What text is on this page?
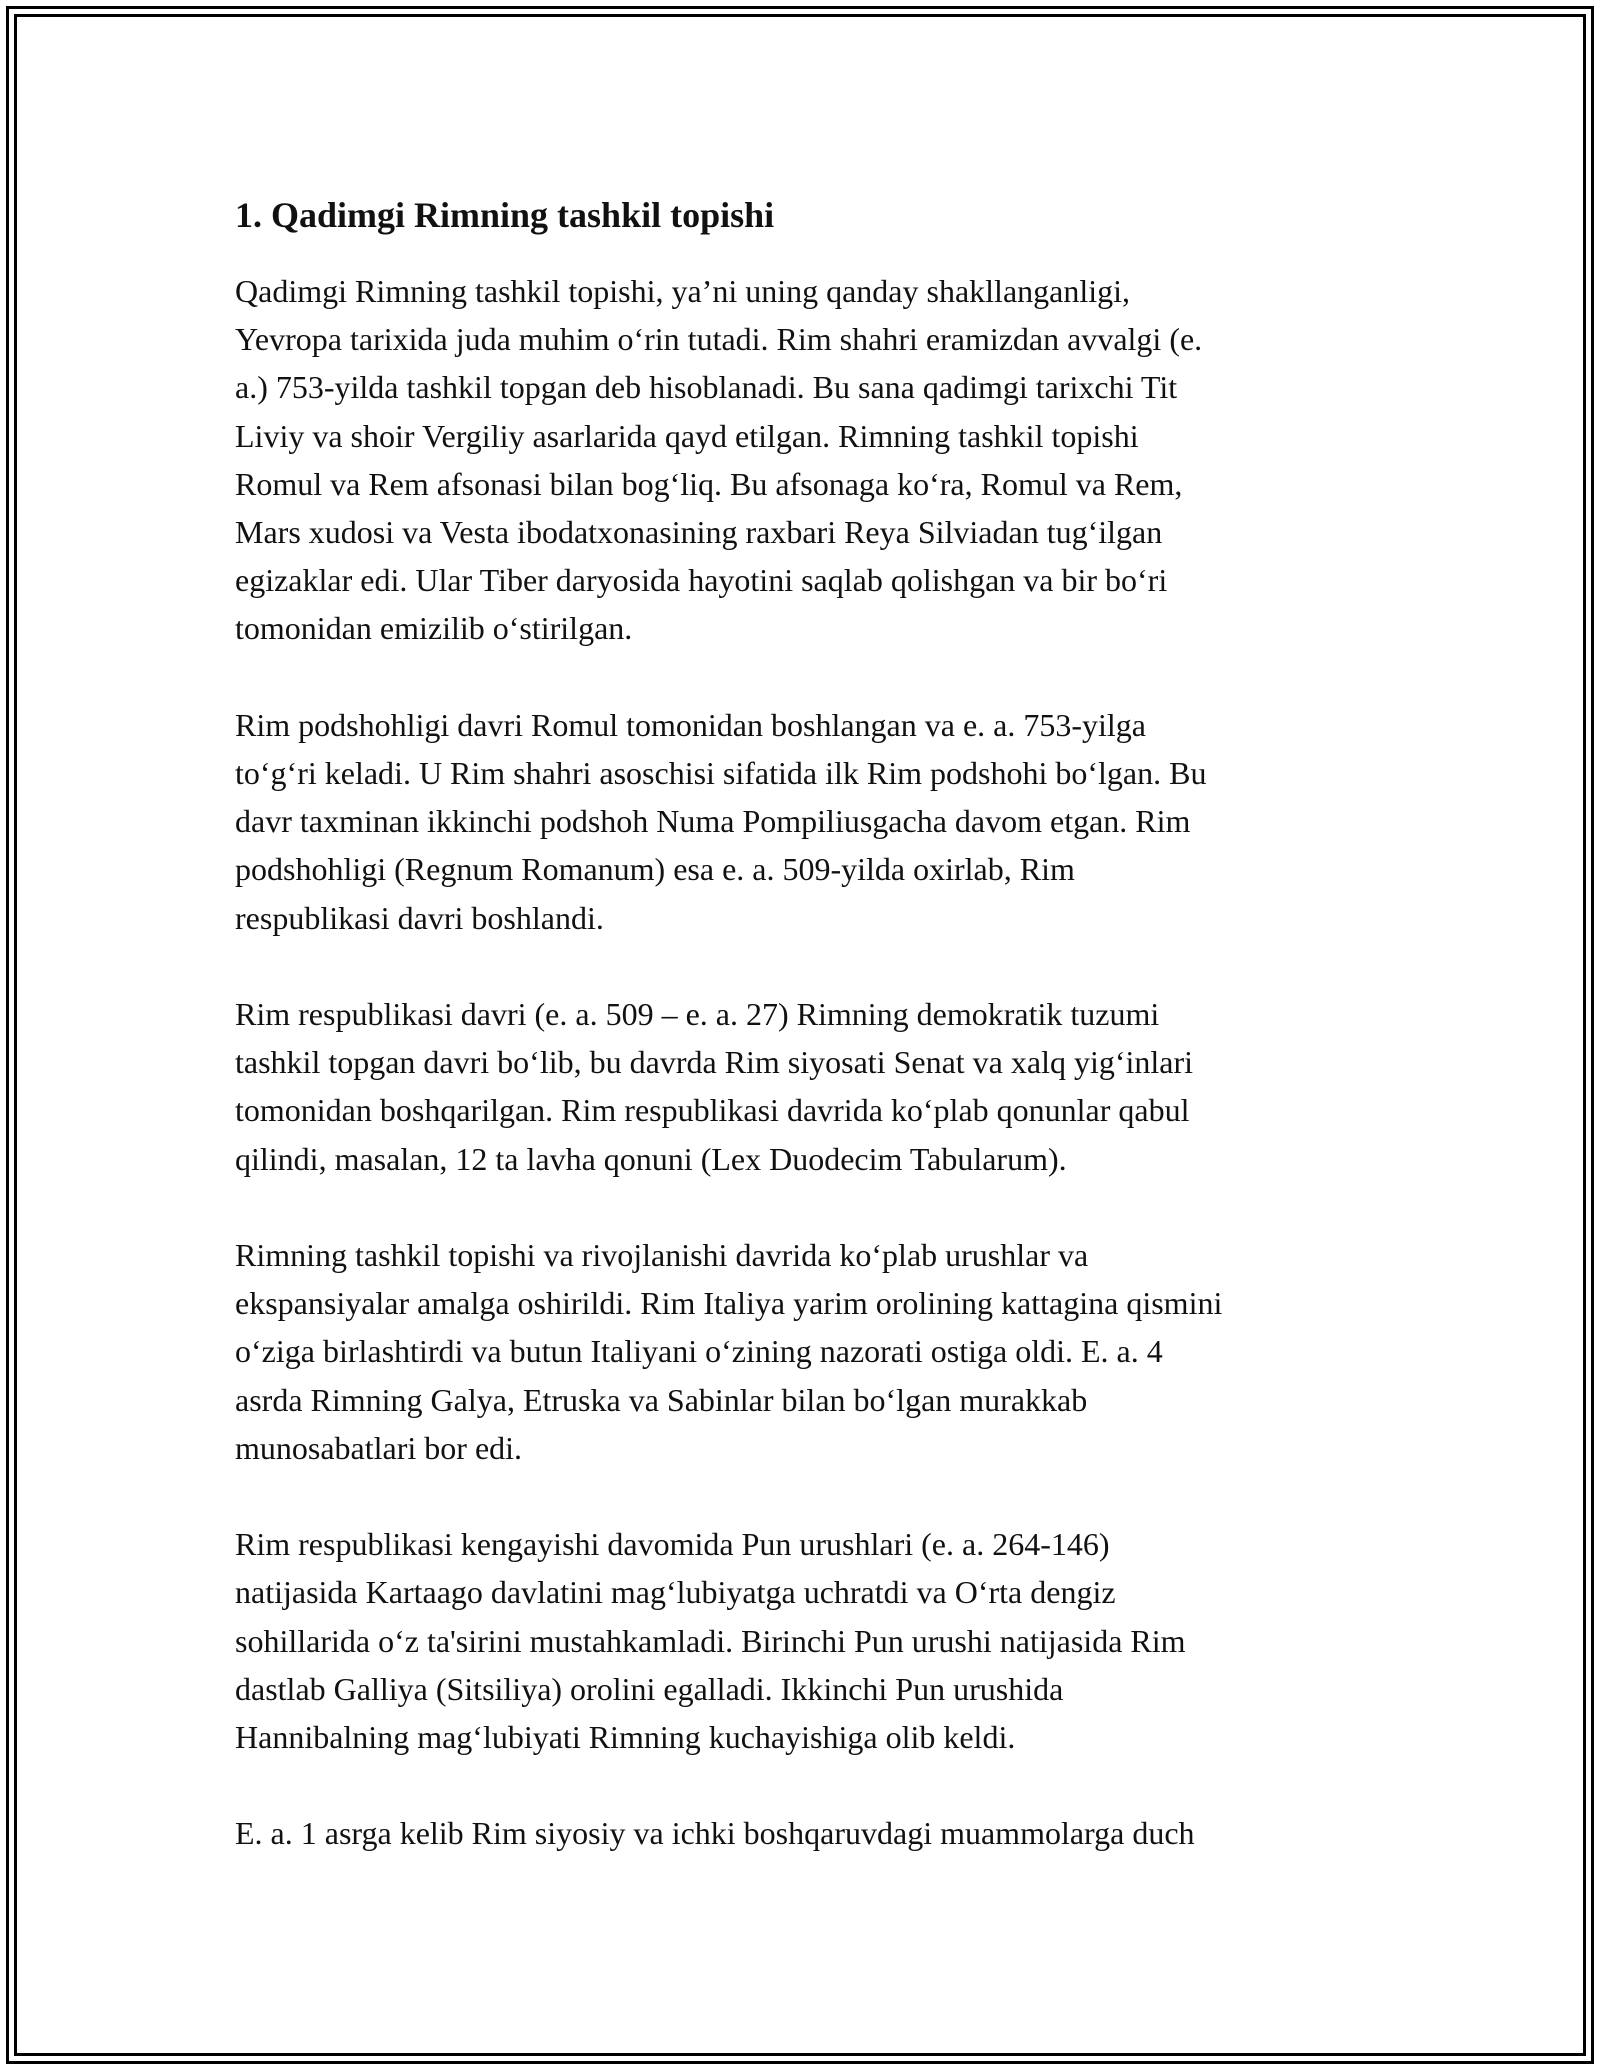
1. Qadimgi Rimning tashkil topishi

Qadimgi Rimning tashkil topishi, ya’ni uning qanday shakllanganligi,
Yevropa tarixida juda muhim o‘rin tutadi. Rim shahri eramizdan avvalgi (e.
a.) 753-yilda tashkil topgan deb hisoblanadi. Bu sana qadimgi tarixchi Tit
Liviy va shoir Vergiliy asarlarida qayd etilgan. Rimning tashkil topishi
Romul va Rem afsonasi bilan bog‘liq. Bu afsonaga ko‘ra, Romul va Rem,
Mars xudosi va Vesta ibodatxonasining raxbari Reya Silviadan tug‘ilgan
egizaklar edi. Ular Tiber daryosida hayotini saqlab qolishgan va bir bo‘ri
tomonidan emizilib o‘stirilgan.

Rim podshohligi davri Romul tomonidan boshlangan va e. a. 753-yilga
to‘g‘ri keladi. U Rim shahri asoschisi sifatida ilk Rim podshohi bo‘lgan. Bu
davr taxminan ikkinchi podshoh Numa Pompiliusgacha davom etgan. Rim
podshohligi (Regnum Romanum) esa e. a. 509-yilda oxirlab, Rim
respublikasi davri boshlandi.

Rim respublikasi davri (e. a. 509 – e. a. 27) Rimning demokratik tuzumi
tashkil topgan davri bo‘lib, bu davrda Rim siyosati Senat va xalq yig‘inlari
tomonidan boshqarilgan. Rim respublikasi davrida ko‘plab qonunlar qabul
qilindi, masalan, 12 ta lavha qonuni (Lex Duodecim Tabularum).

Rimning tashkil topishi va rivojlanishi davrida ko‘plab urushlar va
ekspansiyalar amalga oshirildi. Rim Italiya yarim orolining kattagina qismini
o‘ziga birlashtirdi va butun Italiyani o‘zining nazorati ostiga oldi. E. a. 4
asrda Rimning Galya, Etruska va Sabinlar bilan bo‘lgan murakkab
munosabatlari bor edi.

Rim respublikasi kengayishi davomida Pun urushlari (e. a. 264-146)
natijasida Kartaago davlatini mag‘lubiyatga uchratdi va O‘rta dengiz
sohillarida o‘z ta'sirini mustahkamladi. Birinchi Pun urushi natijasida Rim
dastlab Galliya (Sitsiliya) orolini egalladi. Ikkinchi Pun urushida
Hannibalning mag‘lubiyati Rimning kuchayishiga olib keldi.

E. a. 1 asrga kelib Rim siyosiy va ichki boshqaruvdagi muammolarga duch
